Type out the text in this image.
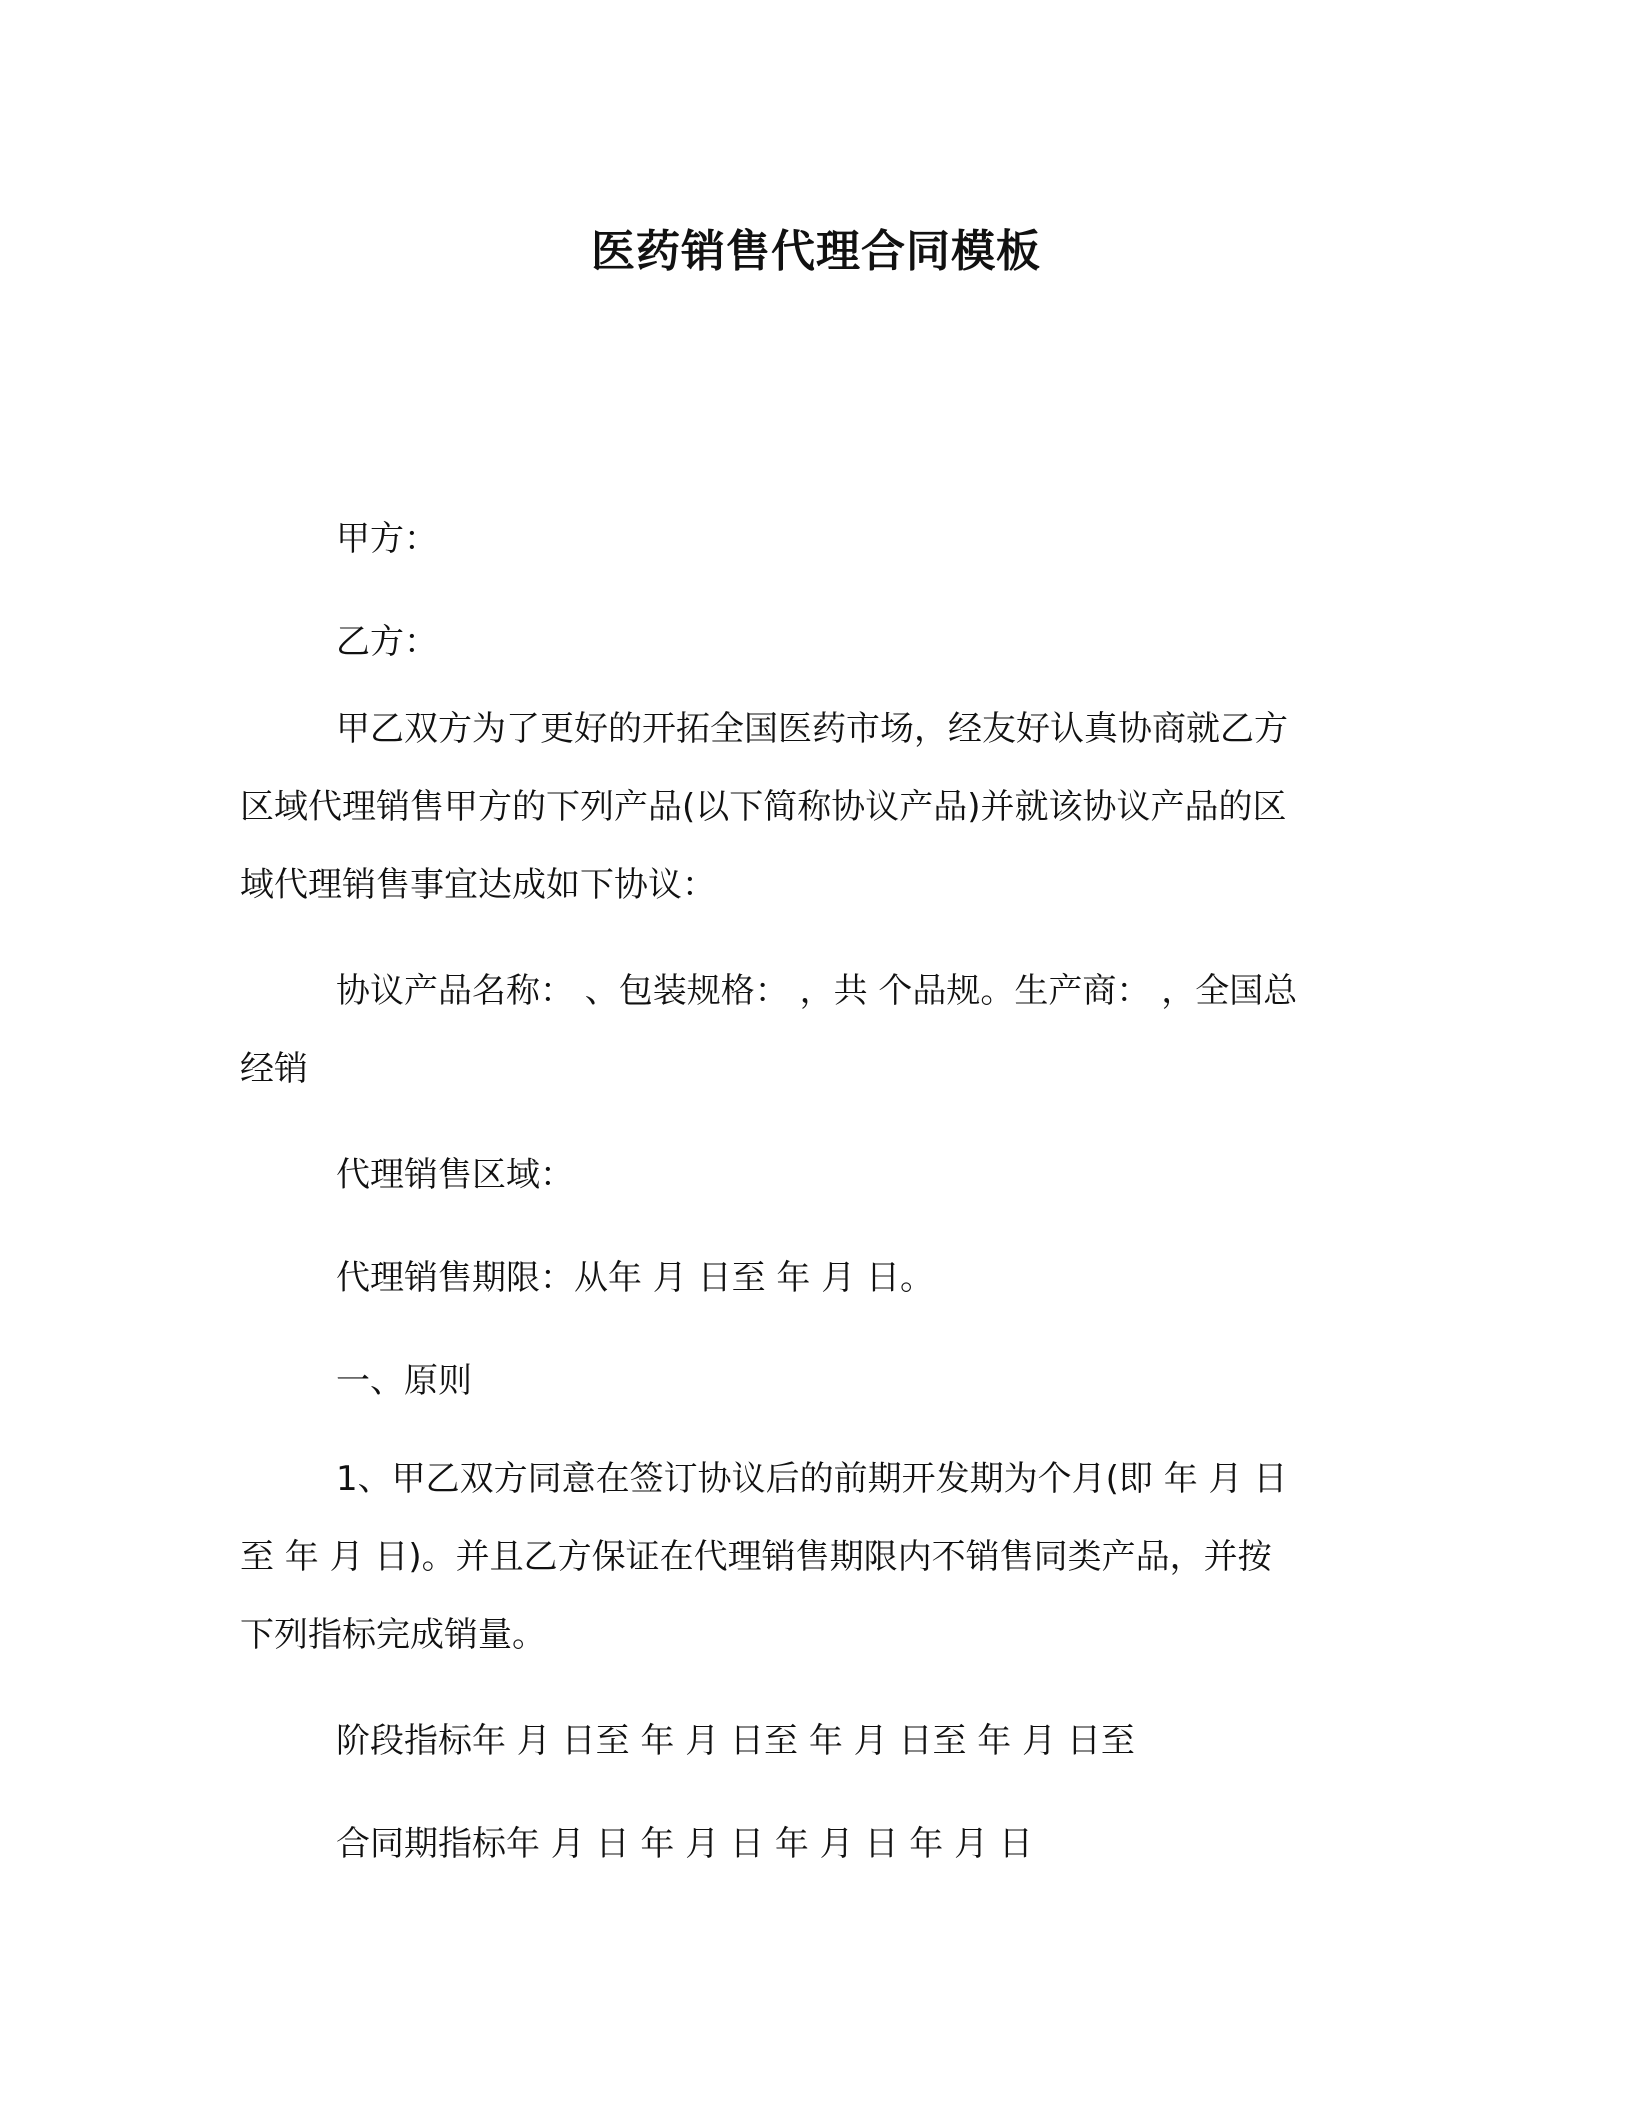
医药销售代理合同模板

甲方：

乙方：

甲乙双方为了更好的开拓全国医药市场，经友好认真协商就乙方
区域代理销售甲方的下列产品(以下简称协议产品)并就该协议产品的区
域代理销售事宜达成如下协议：
协议产品名称： 、包装规格： ，共 个品规。生产商： ，全国总
经销

代理销售区域：

代理销售期限：从年 月 日至 年 月 日。

一、原则

1、甲乙双方同意在签订协议后的前期开发期为个月(即 年 月 日
至 年 月 日)。并且乙方保证在代理销售期限内不销售同类产品，并按
下列指标完成销量。

阶段指标年 月 日至 年 月 日至 年 月 日至 年 月 日至

合同期指标年 月 日 年 月 日 年 月 日 年 月 日
